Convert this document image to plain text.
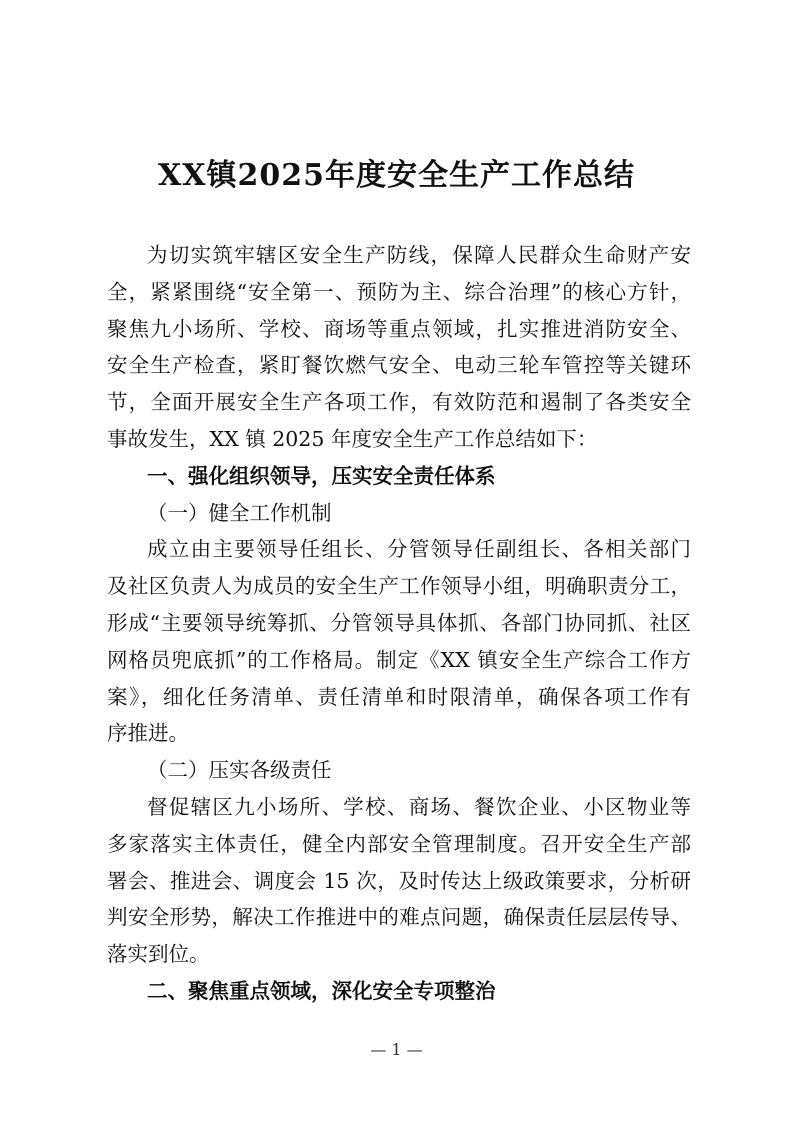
XX镇2025年度安全生产工作总结
为切实筑牢辖区安全生产防线，保障人民群众生命财产安
全，紧紧围绕“安全第一、预防为主、综合治理”的核心方针，
聚焦九小场所、学校、商场等重点领域，扎实推进消防安全、
安全生产检查，紧盯餐饮燃气安全、电动三轮车管控等关键环
节，全面开展安全生产各项工作，有效防范和遏制了各类安全
事故发生，XX 镇 2025 年度安全生产工作总结如下：
一、强化组织领导，压实安全责任体系
（一）健全工作机制
成立由主要领导任组长、分管领导任副组长、各相关部门
及社区负责人为成员的安全生产工作领导小组，明确职责分工，
形成“主要领导统筹抓、分管领导具体抓、各部门协同抓、社区
网格员兜底抓”的工作格局。制定《XX 镇安全生产综合工作方
案》，细化任务清单、责任清单和时限清单，确保各项工作有
序推进。
（二）压实各级责任
督促辖区九小场所、学校、商场、餐饮企业、小区物业等
多家落实主体责任，健全内部安全管理制度。召开安全生产部
署会、推进会、调度会 15 次，及时传达上级政策要求，分析研
判安全形势，解决工作推进中的难点问题，确保责任层层传导、
落实到位。
二、聚焦重点领域，深化安全专项整治
— 1 —
